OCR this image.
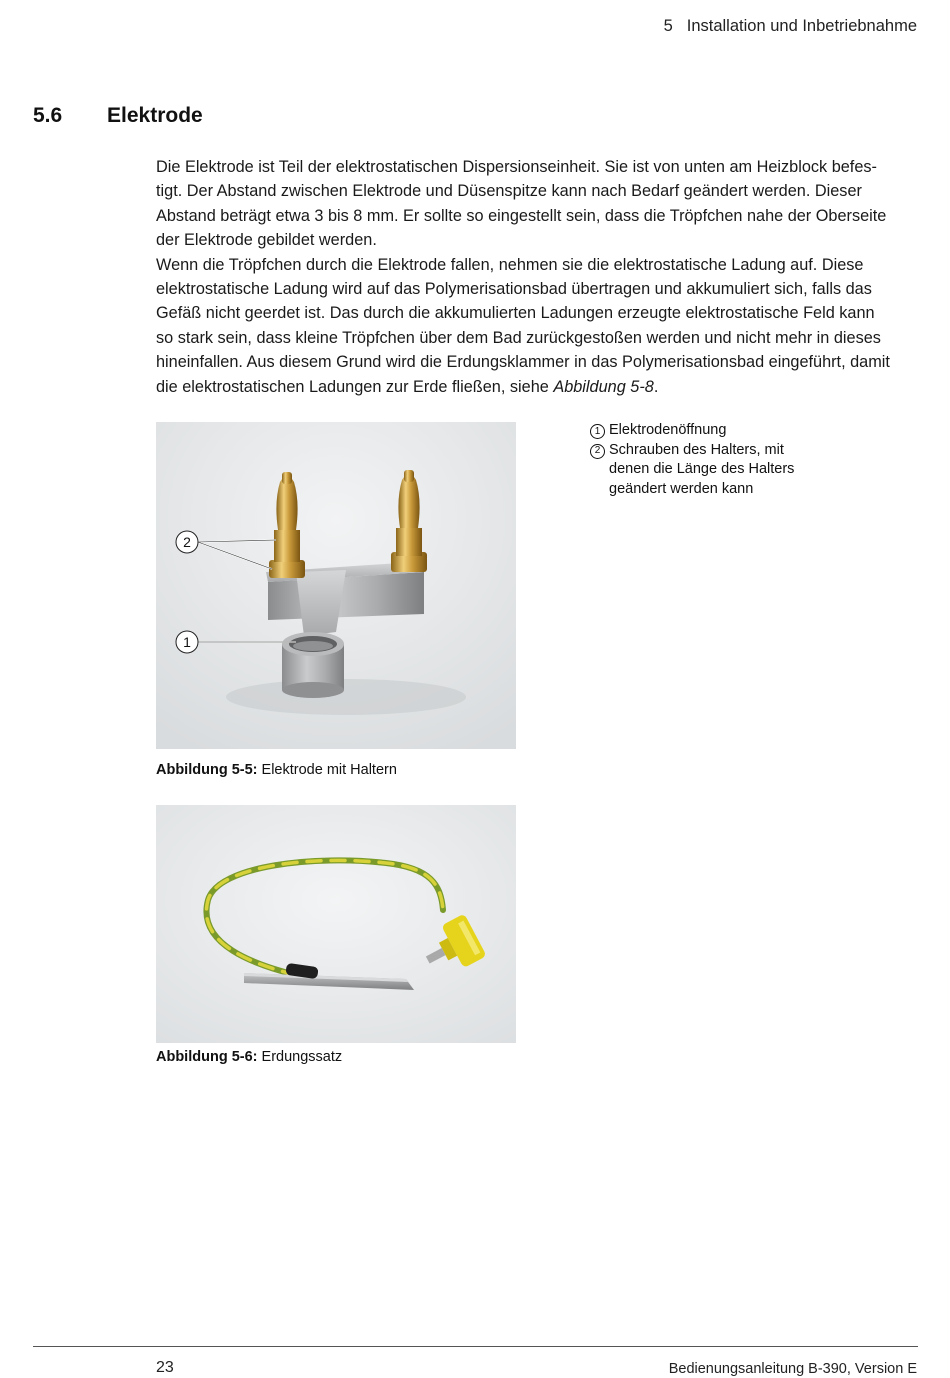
5 Installation und Inbetriebnahme
5.6 Elektrode

Die Elektrode ist Teil der elektrostatischen Dispersionseinheit. Sie ist von unten am Heizblock befes- tigt. Der Abstand zwischen Elektrode und Düsenspitze kann nach Bedarf geändert werden. Dieser Abstand beträgt etwa 3 bis 8 mm. Er sollte so eingestellt sein, dass die Tröpfchen nahe der Oberseite der Elektrode gebildet werden.

Wenn die Tröpfchen durch die Elektrode fallen, nehmen sie die elektrostatische Ladung auf. Diese elektrostatische Ladung wird auf das Polymerisationsbad übertragen und akkumuliert sich, falls das Gefäß nicht geerdet ist. Das durch die akkumulierten Ladungen erzeugte elektrostatische Feld kann so stark sein, dass kleine Tröpfchen über dem Bad zurückgestoßen werden und nicht mehr in dieses hineinfallen. Aus diesem Grund wird die Erdungsklammer in das Polymerisationsbad eingeführt, damit die elektrostatischen Ladungen zur Erde fließen, siehe Abbildung 5-8.

2
1
1 Elektrodenöffnung
2 Schrauben des Halters, mit denen die Länge des Halters geändert werden kann
Abbildung 5-5: Elektrode mit Haltern
Abbildung 5-6: Erdungssatz
23	Bedienungsanleitung B-390, Version E
